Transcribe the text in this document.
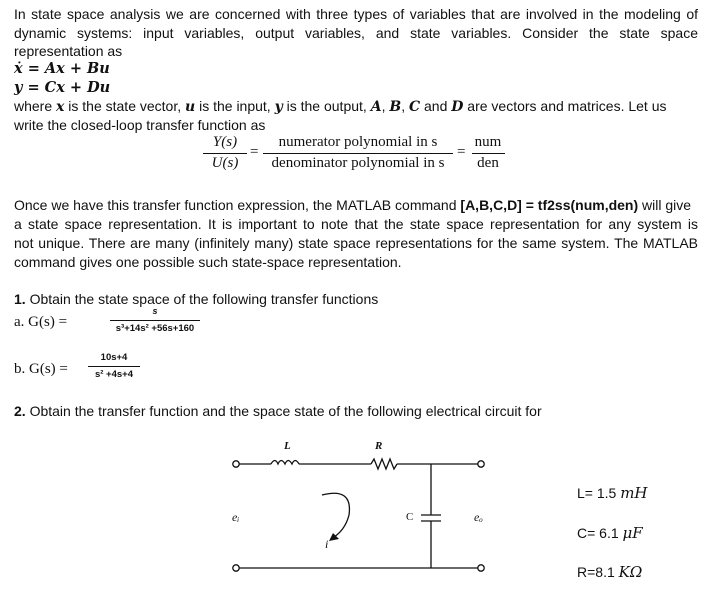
In state space analysis we are concerned with three types of variables that are involved in the modeling of
dynamic systems: input variables, output variables, and state variables. Consider the state space
representation as
ẋ = Ax + Bu
y = Cx + Du
where x is the state vector, u is the input, y is the output, A, B, C and D are vectors and matrices. Let us
write the closed-loop transfer function as
Y(s)
U(s)
=
numerator polynomial in s
denominator polynomial in s
=
num
den
Once we have this transfer function expression, the MATLAB command [A,B,C,D] = tf2ss(num,den) will give
a state space representation. It is important to note that the state space representation for any system is
not unique. There are many (infinitely many) state space representations for the same system. The MATLAB
command gives one possible such state-space representation.
1. Obtain the state space of the following transfer functions
a. G(s) =
s
s³+14s² +56s+160
b. G(s) =
10s+4
s² +4s+4
2. Obtain the transfer function and the space state of the following electrical circuit for
L	R
C
eᵢ	eₒ
i
L= 1.5 mH
C= 6.1 μF
R=8.1 KΩ
